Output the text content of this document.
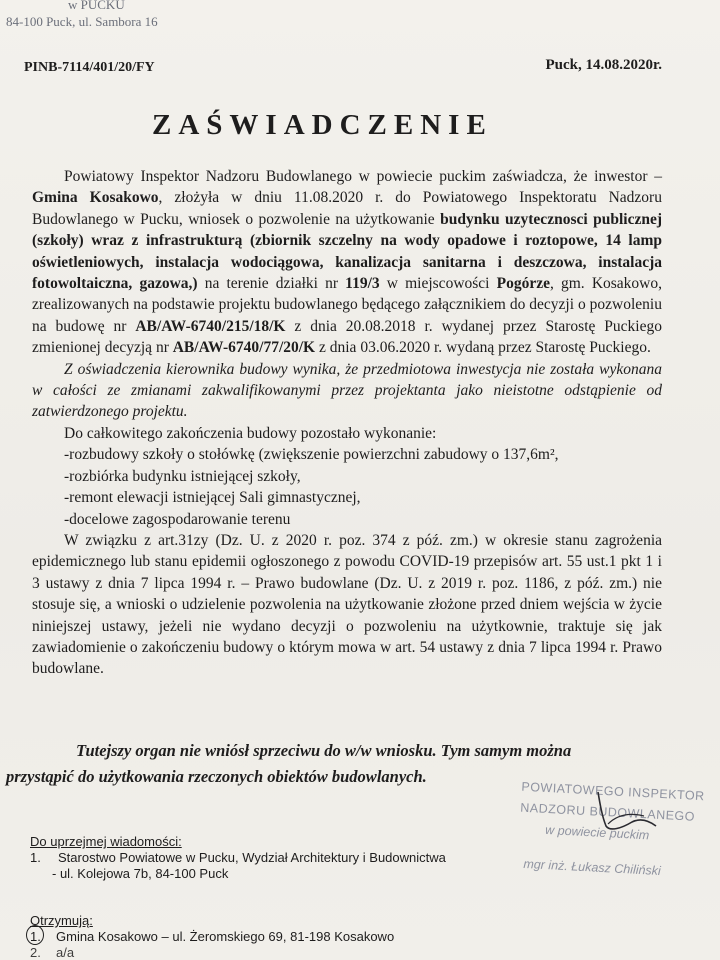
w PUCKU
84-100 Puck, ul. Sambora 16
PINB-7114/401/20/FY	Puck, 14.08.2020r.
ZAŚWIADCZENIE

Powiatowy Inspektor Nadzoru Budowlanego w powiecie puckim zaświadcza, że inwestor – Gmina Kosakowo, złożyła w dniu 11.08.2020 r. do Powiatowego Inspektoratu Nadzoru Budowlanego w Pucku, wniosek o pozwolenie na użytkowanie budynku uzytecznosci publicznej (szkoły) wraz z infrastrukturą (zbiornik szczelny na wody opadowe i roztopowe, 14 lamp oświetleniowych, instalacja wodociągowa, kanalizacja sanitarna i deszczowa, instalacja fotowoltaiczna, gazowa,) na terenie działki nr 119/3 w miejscowości Pogórze, gm. Kosakowo, zrealizowanych na podstawie projektu budowlanego będącego załącznikiem do decyzji o pozwoleniu na budowę nr AB/AW-6740/215/18/K z dnia 20.08.2018 r. wydanej przez Starostę Puckiego zmienionej decyzją nr AB/AW-6740/77/20/K z dnia 03.06.2020 r. wydaną przez Starostę Puckiego.

Z oświadczenia kierownika budowy wynika, że przedmiotowa inwestycja nie została wykonana w całości ze zmianami zakwalifikowanymi przez projektanta jako nieistotne odstąpienie od zatwierdzonego projektu.

Do całkowitego zakończenia budowy pozostało wykonanie:

-rozbudowy szkoły o stołówkę (zwiększenie powierzchni zabudowy o 137,6m²,
-rozbiórka budynku istniejącej szkoły,
-remont elewacji istniejącej Sali gimnastycznej,
-docelowe zagospodarowanie terenu

W związku z art.31zy (Dz. U. z 2020 r. poz. 374 z póź. zm.) w okresie stanu zagrożenia epidemicznego lub stanu epidemii ogłoszonego z powodu COVID-19 przepisów art. 55 ust.1 pkt 1 i 3 ustawy z dnia 7 lipca 1994 r. – Prawo budowlane (Dz. U. z 2019 r. poz. 1186, z póź. zm.) nie stosuje się, a wnioski o udzielenie pozwolenia na użytkowanie złożone przed dniem wejścia w życie niniejszej ustawy, jeżeli nie wydano decyzji o pozwoleniu na użytkownie, traktuje się jak zawiadomienie o zakończeniu budowy o którym mowa w art. 54 ustawy z dnia 7 lipca 1994 r. Prawo budowlane.

Tutejszy organ nie wniósł sprzeciwu do w/w wniosku. Tym samym można

przystąpić do użytkowania rzeczonych obiektów budowlanych.

POWIATOWEGO INSPEKTOR
NADZORU BUDOWLANEGO
w powiecie puckim
mgr inż. Łukasz Chiliński
Do uprzejmej wiadomości:
1.	Starostwo Powiatowe w Pucku, Wydział Architektury i Budownictwa
- ul. Kolejowa 7b, 84-100 Puck
Otrzymują:
1.	Gmina Kosakowo – ul. Żeromskiego 69, 81-198 Kosakowo
2.	a/a
